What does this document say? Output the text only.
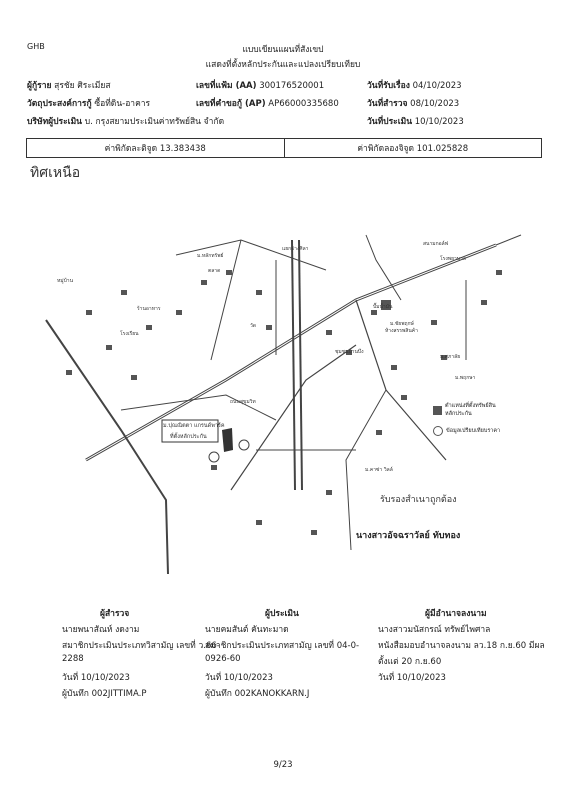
GHB	แบบเขียนแผนที่สังเขป
แสดงที่ตั้งหลักประกันและแปลงเปรียบเทียบ
ผู้กู้ราย สุรชัย ศิระเมียส
วัตถุประสงค์การกู้ ซื้อที่ดิน-อาคาร
บริษัทผู้ประเมิน บ. กรุงสยามประเมินค่าทรัพย์สิน จำกัด
เลขที่แฟ้ม (AA) 300176520001
เลขที่คำขอกู้ (AP) AP66000335680
วันที่รับเรื่อง 04/10/2023
วันที่สำรวจ 08/10/2023
วันที่ประเมิน 10/10/2023
ค่าพิกัดละติจูด 13.383438	ค่าพิกัดลองจิจูด 101.025828
หมู่บ้าน
ร้านอาหาร
ตลาด
โรงเรียน
วัด
ถนนสุขุมวิท
ม.หลักทรัพย์
แยกอ่างศิลา
ชุมชนบ้านบึง
ปั๊มน้ำมัน
ม.ศุภาลัย
ม.พฤกษา
ม.ชัยพฤกษ์
ห้างสรรพสินค้า
โรงพยาบาล
สนามกอล์ฟ
ม.คาซ่า วิลล์
ทิศเหนือ
ม.ปุณณิตตา แกรนด์พาร์ค
ที่ตั้งหลักประกัน
ตำแหน่งที่ตั้งทรัพย์สินหลักประกัน
ข้อมูลเปรียบเทียบราคา
รับรองสำเนาถูกต้อง
นางสาวอัจฉราวัลย์ ทับทอง
ผู้สำรวจ
นายพนาสัณห์ งดงาม
สมาชิกประเมินประเภทวิสามัญ เลขที่ ว.66-
2288
วันที่ 10/10/2023
ผู้บันทึก 002JITTIMA.P
ผู้ประเมิน
นายคมสันต์ คันทะมาด
สมาชิกประเมินประเภทสามัญ เลขที่ 04-0-
0926-60
วันที่ 10/10/2023
ผู้บันทึก 002KANOKKARN.J
ผู้มีอำนาจลงนาม
นางสาวมนัสกรณ์ ทรัพย์ไพศาล
หนังสือมอบอำนาจลงนาม ลว.18 ก.ย.60 มีผล
ตั้งแต่ 20 ก.ย.60
วันที่ 10/10/2023
9/23
